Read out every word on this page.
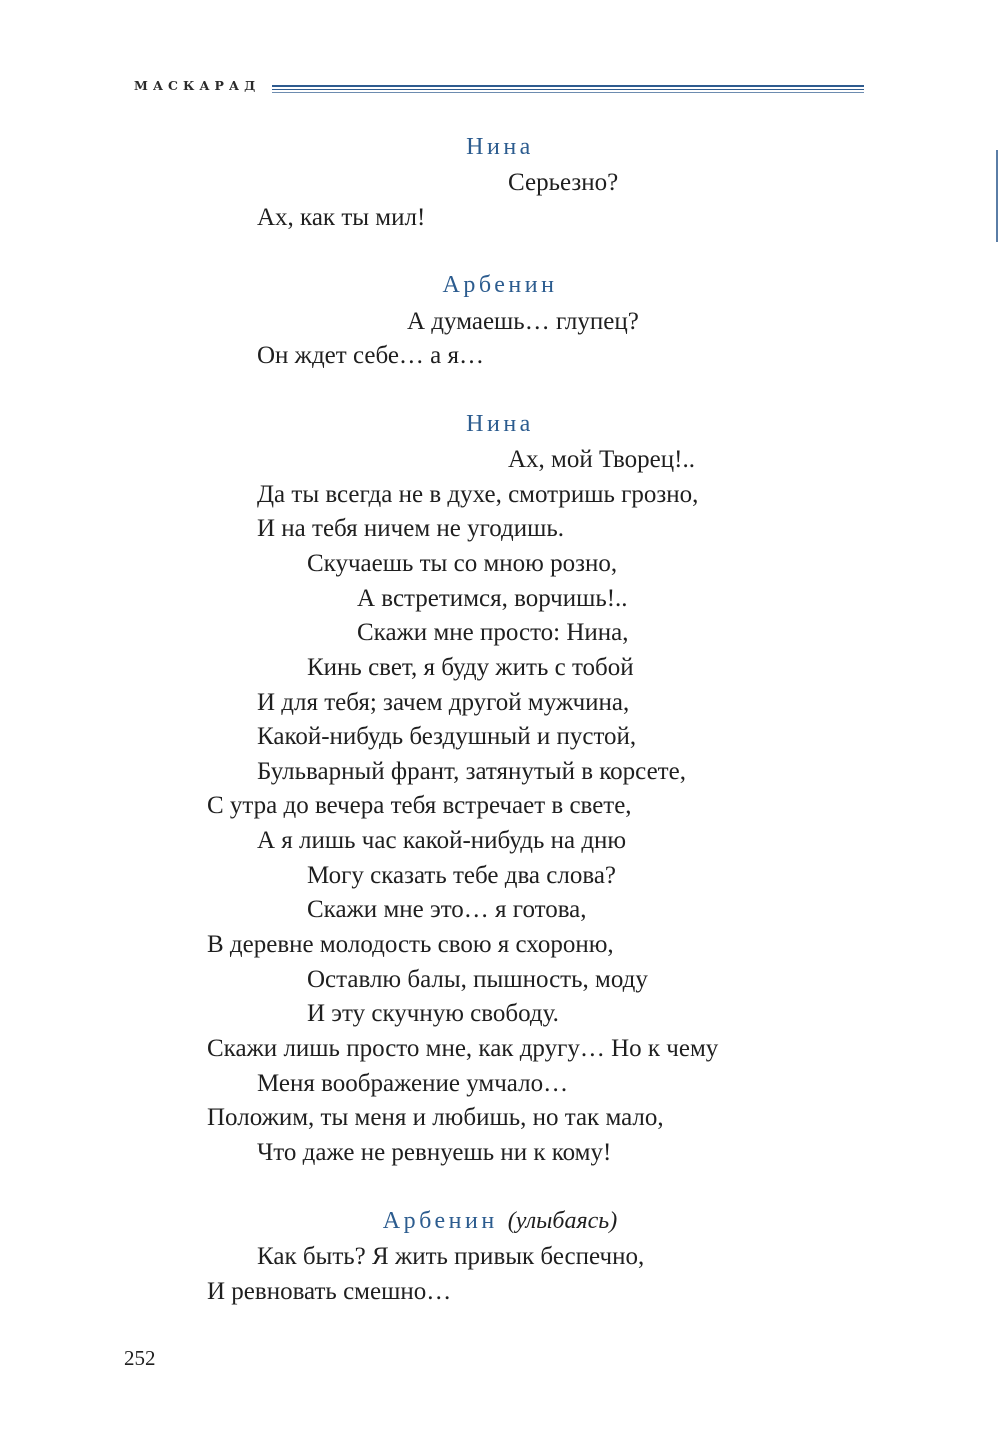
МАСКАРАД
Нина
Серьезно?
Ах, как ты мил!
Арбенин
А думаешь… глупец?
Он ждет себе… а я…
Нина
Ах, мой Творец!..
Да ты всегда не в духе, смотришь грозно,
И на тебя ничем не угодишь.
Скучаешь ты со мною розно,
А встретимся, ворчишь!..
Скажи мне просто: Нина,
Кинь свет, я буду жить с тобой
И для тебя; зачем другой мужчина,
Какой-нибудь бездушный и пустой,
Бульварный франт, затянутый в корсете,
С утра до вечера тебя встречает в свете,
А я лишь час какой-нибудь на дню
Могу сказать тебе два слова?
Скажи мне это… я готова,
В деревне молодость свою я схороню,
Оставлю балы, пышность, моду
И эту скучную свободу.
Скажи лишь просто мне, как другу… Но к чему
Меня воображение умчало…
Положим, ты меня и любишь, но так мало,
Что даже не ревнуешь ни к кому!
Арбенин (улыбаясь)
Как быть? Я жить привык беспечно,
И ревновать смешно…
252
